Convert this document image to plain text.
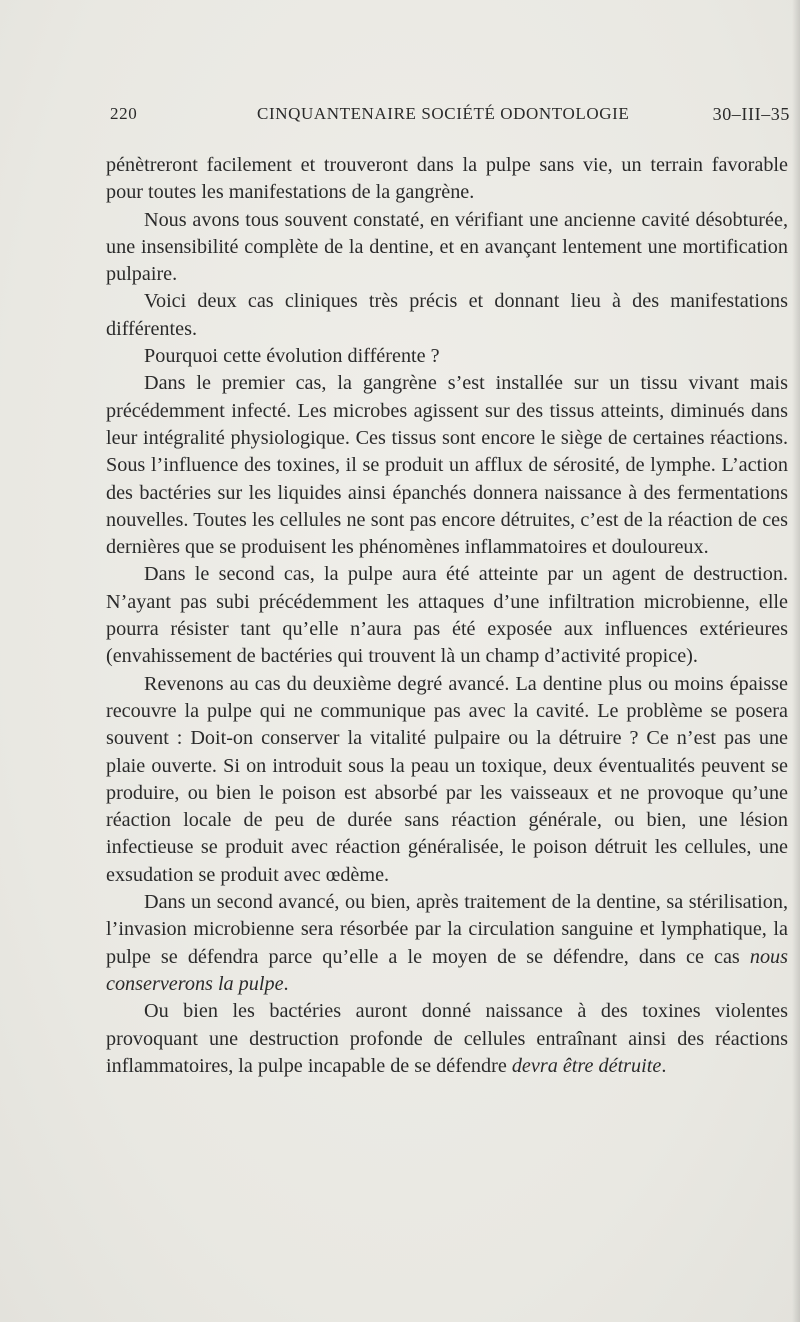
220	CINQUANTENAIRE SOCIÉTÉ ODONTOLOGIE	30–III–35

pénètreront facilement et trouveront dans la pulpe sans vie, un terrain favorable pour toutes les manifestations de la gangrène.

Nous avons tous souvent constaté, en vérifiant une ancienne cavité désobturée, une insensibilité complète de la dentine, et en avançant lentement une mortification pulpaire.

Voici deux cas cliniques très précis et donnant lieu à des manifestations différentes.

Pourquoi cette évolution différente ?

Dans le premier cas, la gangrène s’est installée sur un tissu vivant mais précédemment infecté. Les microbes agissent sur des tissus atteints, diminués dans leur intégralité physiologique. Ces tissus sont encore le siège de certaines réactions. Sous l’influence des toxines, il se produit un afflux de sérosité, de lymphe. L’action des bactéries sur les liquides ainsi épanchés donnera naissance à des fermentations nouvelles. Toutes les cellules ne sont pas encore détruites, c’est de la réaction de ces dernières que se produisent les phénomènes inflammatoires et douloureux.

Dans le second cas, la pulpe aura été atteinte par un agent de destruction. N’ayant pas subi précédemment les attaques d’une infiltration microbienne, elle pourra résister tant qu’elle n’aura pas été exposée aux influences extérieures (envahissement de bactéries qui trouvent là un champ d’activité propice).

Revenons au cas du deuxième degré avancé. La dentine plus ou moins épaisse recouvre la pulpe qui ne communique pas avec la cavité. Le problème se posera souvent : Doit-on conserver la vitalité pulpaire ou la détruire ? Ce n’est pas une plaie ouverte. Si on introduit sous la peau un toxique, deux éventualités peuvent se produire, ou bien le poison est absorbé par les vaisseaux et ne provoque qu’une réaction locale de peu de durée sans réaction générale, ou bien, une lésion infectieuse se produit avec réaction généralisée, le poison détruit les cellules, une exsudation se produit avec œdème.

Dans un second avancé, ou bien, après traitement de la dentine, sa stérilisation, l’invasion microbienne sera résorbée par la circulation sanguine et lymphatique, la pulpe se défendra parce qu’elle a le moyen de se défendre, dans ce cas nous conserverons la pulpe.

Ou bien les bactéries auront donné naissance à des toxines violentes provoquant une destruction profonde de cellules entraînant ainsi des réactions inflammatoires, la pulpe incapable de se défendre devra être détruite.
